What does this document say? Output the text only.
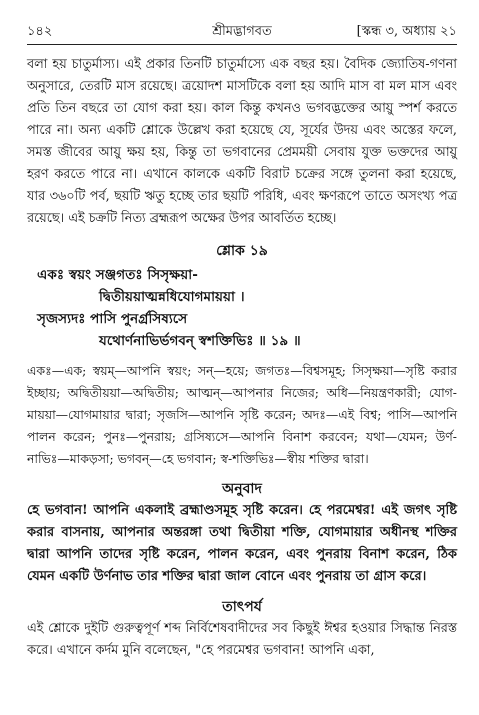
১৪২	শ্রীমদ্ভাগবত	[স্কন্ধ ৩, অধ্যায় ২১

বলা হয় চাতুর্মাস্য। এই প্রকার তিনটি চাতুর্মাস্যে এক বছর হয়। বৈদিক জ্যোতিষ-গণনা অনুসারে, তেরটি মাস রয়েছে। ত্রয়োদশ মাসটিকে বলা হয় আদি মাস বা মল মাস এবং প্রতি তিন বছরে তা যোগ করা হয়। কাল কিন্তু কখনও ভগবদ্ভক্তের আয়ু স্পর্শ করতে পারে না। অন্য একটি শ্লোকে উল্লেখ করা হয়েছে যে, সূর্যের উদয় এবং অস্তের ফলে, সমস্ত জীবের আয়ু ক্ষয় হয়, কিন্তু তা ভগবানের প্রেমময়ী সেবায় যুক্ত ভক্তদের আয়ু হরণ করতে পারে না। এখানে কালকে একটি বিরাট চক্রের সঙ্গে তুলনা করা হয়েছে, যার ৩৬০টি পর্ব, ছয়টি ঋতু হচ্ছে তার ছয়টি পরিধি, এবং ক্ষণরূপে তাতে অসংখ্য পত্র রয়েছে। এই চক্রটি নিত্য ব্রহ্মরূপ অক্ষের উপর আবর্তিত হচ্ছে।

শ্লোক ১৯
একঃ স্বয়ং সঞ্জগতঃ সিসৃক্ষয়া-
দ্বিতীয়য়াত্মন্নধিযোগমায়য়া ।
সৃজস্যদঃ পাসি পুনর্গ্রসিষ্যসে
যথোর্ণনাভির্ভগবন্ স্বশক্তিভিঃ ॥ ১৯ ॥

একঃ—এক; স্বয়ম্—আপনি স্বয়ং; সন্—হয়ে; জগতঃ—বিশ্বসমূহ; সিসৃক্ষয়া—সৃষ্টি করার ইচ্ছায়; অদ্বিতীয়য়া—অদ্বিতীয়; আত্মন্—আপনার নিজের; অধি—নিয়ন্ত্রণকারী; যোগ-মায়য়া—যোগমায়ার দ্বারা; সৃজসি—আপনি সৃষ্টি করেন; অদঃ—এই বিশ্ব; পাসি—আপনি পালন করেন; পুনঃ—পুনরায়; গ্রসিষ্যসে—আপনি বিনাশ করবেন; যথা—যেমন; উর্ণ-নাভিঃ—মাকড়সা; ভগবন্—হে ভগবান; স্ব-শক্তিভিঃ—স্বীয় শক্তির দ্বারা।

অনুবাদ

হে ভগবান! আপনি একলাই ব্রহ্মাণ্ডসমূহ সৃষ্টি করেন। হে পরমেশ্বর! এই জগৎ সৃষ্টি করার বাসনায়, আপনার অন্তরঙ্গা তথা দ্বিতীয়া শক্তি, যোগমায়ার অধীনস্থ শক্তির দ্বারা আপনি তাদের সৃষ্টি করেন, পালন করেন, এবং পুনরায় বিনাশ করেন, ঠিক যেমন একটি উর্ণনাভ তার শক্তির দ্বারা জাল বোনে এবং পুনরায় তা গ্রাস করে।

তাৎপর্য

এই শ্লোকে দুইটি গুরুত্বপূর্ণ শব্দ নির্বিশেষবাদীদের সব কিছুই ঈশ্বর হওয়ার সিদ্ধান্ত নিরস্ত করে। এখানে কর্দম মুনি বলেছেন, "হে পরমেশ্বর ভগবান! আপনি একা,
